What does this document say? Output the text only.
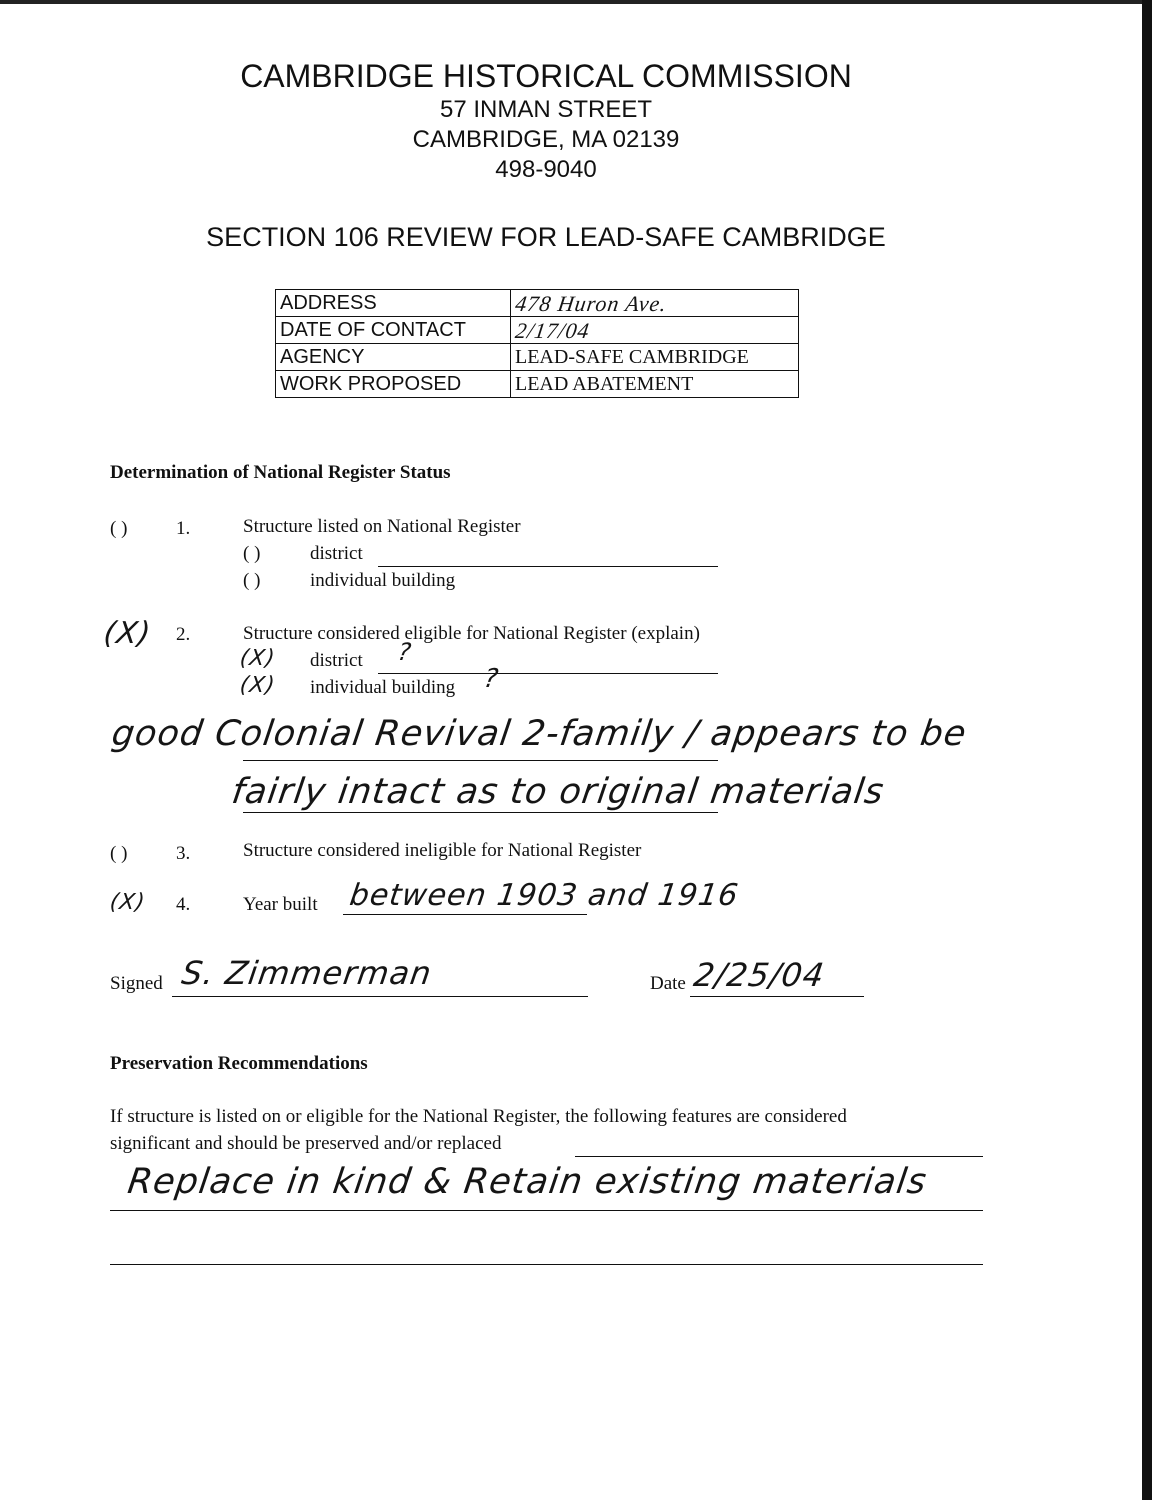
CAMBRIDGE HISTORICAL COMMISSION
57 INMAN STREET
CAMBRIDGE, MA 02139
498-9040
SECTION 106 REVIEW FOR LEAD-SAFE CAMBRIDGE
ADDRESS	478 Huron Ave.
DATE OF CONTACT	2/17/04
AGENCY	LEAD-SAFE CAMBRIDGE
WORK PROPOSED	LEAD ABATEMENT
Determination of National Register Status
( )	1.	Structure listed on National Register
( )	district
( )	individual building
(X) 2.	Structure considered eligible for National Register (explain)
(X) district ?
(X) individual building ?
good Colonial Revival 2-family / appears to be
fairly intact as to original materials
( )	3.	Structure considered ineligible for National Register
(X) 4.	Year built between 1903 and 1916
Signed S. Zimmerman	Date 2/25/04
Preservation Recommendations
If structure is listed on or eligible for the National Register, the following features are considered
significant and should be preserved and/or replaced
Replace in kind & Retain existing materials
